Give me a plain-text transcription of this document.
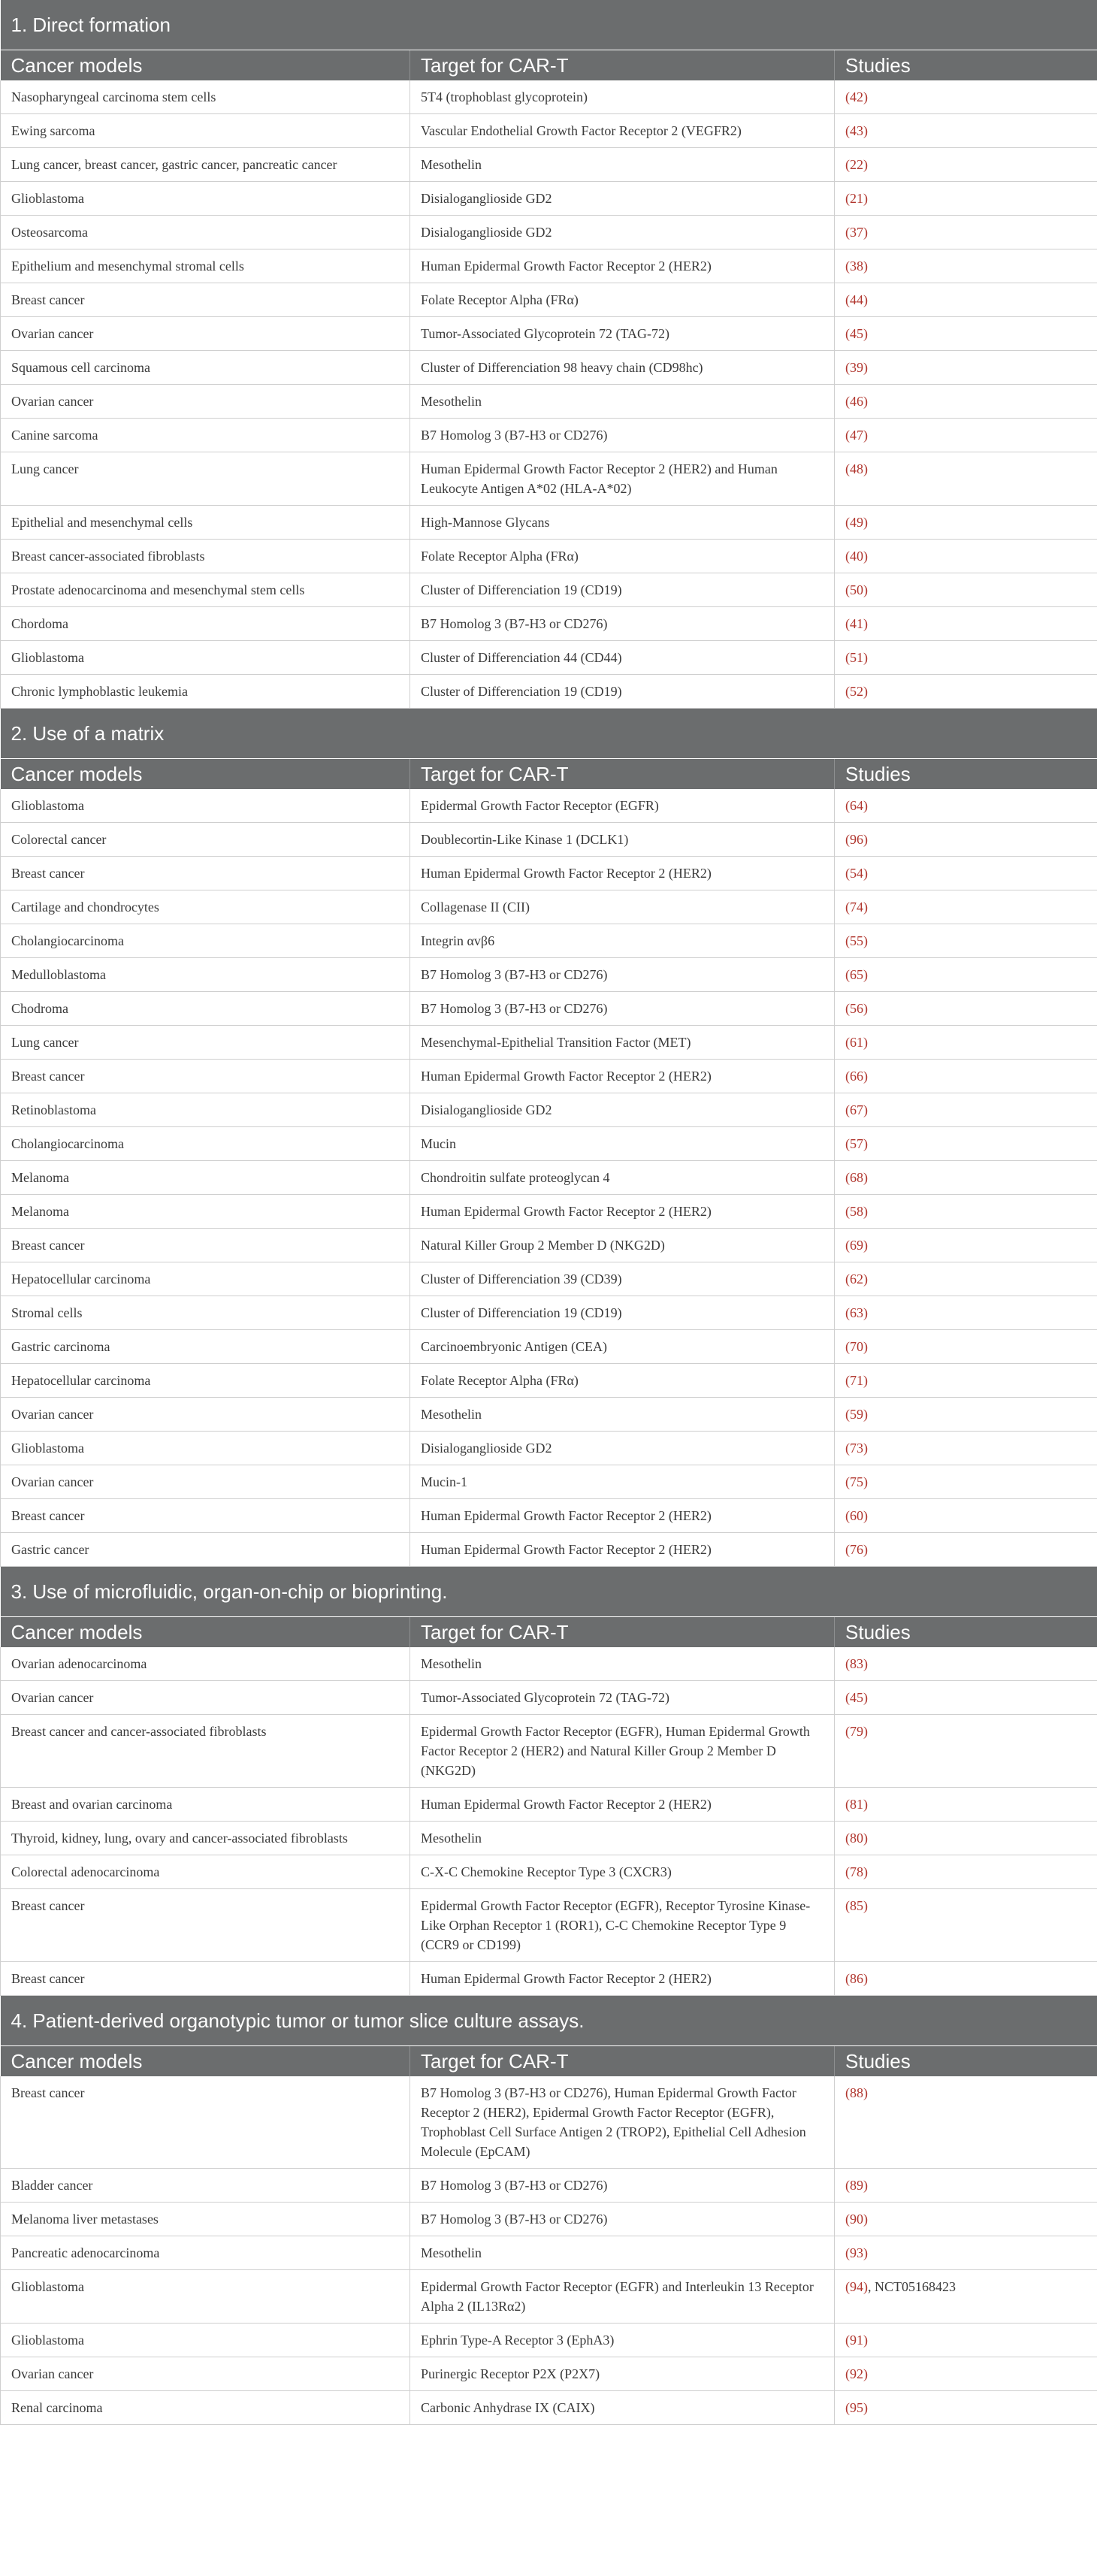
1. Direct formation		
Cancer models	Target for CAR-T	Studies
Nasopharyngeal carcinoma stem cells	5T4 (trophoblast glycoprotein)	(42)
Ewing sarcoma	Vascular Endothelial Growth Factor Receptor 2 (VEGFR2)	(43)
Lung cancer, breast cancer, gastric cancer, pancreatic cancer	Mesothelin	(22)
Glioblastoma	Disialoganglioside GD2	(21)
Osteosarcoma	Disialoganglioside GD2	(37)
Epithelium and mesenchymal stromal cells	Human Epidermal Growth Factor Receptor 2 (HER2)	(38)
Breast cancer	Folate Receptor Alpha (FRα)	(44)
Ovarian cancer	Tumor-Associated Glycoprotein 72 (TAG-72)	(45)
Squamous cell carcinoma	Cluster of Differenciation 98 heavy chain (CD98hc)	(39)
Ovarian cancer	Mesothelin	(46)
Canine sarcoma	B7 Homolog 3 (B7-H3 or CD276)	(47)
Lung cancer	Human Epidermal Growth Factor Receptor 2 (HER2) and Human Leukocyte Antigen A*02 (HLA-A*02)	(48)
Epithelial and mesenchymal cells	High-Mannose Glycans	(49)
Breast cancer-associated fibroblasts	Folate Receptor Alpha (FRα)	(40)
Prostate adenocarcinoma and mesenchymal stem cells	Cluster of Differenciation 19 (CD19)	(50)
Chordoma	B7 Homolog 3 (B7-H3 or CD276)	(41)
Glioblastoma	Cluster of Differenciation 44 (CD44)	(51)
Chronic lymphoblastic leukemia	Cluster of Differenciation 19 (CD19)	(52)
2. Use of a matrix		
Cancer models	Target for CAR-T	Studies
Glioblastoma	Epidermal Growth Factor Receptor (EGFR)	(64)
Colorectal cancer	Doublecortin-Like Kinase 1 (DCLK1)	(96)
Breast cancer	Human Epidermal Growth Factor Receptor 2 (HER2)	(54)
Cartilage and chondrocytes	Collagenase II (CII)	(74)
Cholangiocarcinoma	Integrin αvβ6	(55)
Medulloblastoma	B7 Homolog 3 (B7-H3 or CD276)	(65)
Chodroma	B7 Homolog 3 (B7-H3 or CD276)	(56)
Lung cancer	Mesenchymal-Epithelial Transition Factor (MET)	(61)
Breast cancer	Human Epidermal Growth Factor Receptor 2 (HER2)	(66)
Retinoblastoma	Disialoganglioside GD2	(67)
Cholangiocarcinoma	Mucin	(57)
Melanoma	Chondroitin sulfate proteoglycan 4	(68)
Melanoma	Human Epidermal Growth Factor Receptor 2 (HER2)	(58)
Breast cancer	Natural Killer Group 2 Member D (NKG2D)	(69)
Hepatocellular carcinoma	Cluster of Differenciation 39 (CD39)	(62)
Stromal cells	Cluster of Differenciation 19 (CD19)	(63)
Gastric carcinoma	Carcinoembryonic Antigen (CEA)	(70)
Hepatocellular carcinoma	Folate Receptor Alpha (FRα)	(71)
Ovarian cancer	Mesothelin	(59)
Glioblastoma	Disialoganglioside GD2	(73)
Ovarian cancer	Mucin-1	(75)
Breast cancer	Human Epidermal Growth Factor Receptor 2 (HER2)	(60)
Gastric cancer	Human Epidermal Growth Factor Receptor 2 (HER2)	(76)
3. Use of microfluidic, organ-on-chip or bioprinting.		
Cancer models	Target for CAR-T	Studies
Ovarian adenocarcinoma	Mesothelin	(83)
Ovarian cancer	Tumor-Associated Glycoprotein 72 (TAG-72)	(45)
Breast cancer and cancer-associated fibroblasts	Epidermal Growth Factor Receptor (EGFR), Human Epidermal Growth Factor Receptor 2 (HER2) and Natural Killer Group 2 Member D (NKG2D)	(79)
Breast and ovarian carcinoma	Human Epidermal Growth Factor Receptor 2 (HER2)	(81)
Thyroid, kidney, lung, ovary and cancer-associated fibroblasts	Mesothelin	(80)
Colorectal adenocarcinoma	C-X-C Chemokine Receptor Type 3 (CXCR3)	(78)
Breast cancer	Epidermal Growth Factor Receptor (EGFR), Receptor Tyrosine Kinase-Like Orphan Receptor 1 (ROR1), C-C Chemokine Receptor Type 9 (CCR9 or CD199)	(85)
Breast cancer	Human Epidermal Growth Factor Receptor 2 (HER2)	(86)
4. Patient-derived organotypic tumor or tumor slice culture assays.		
Cancer models	Target for CAR-T	Studies
Breast cancer	B7 Homolog 3 (B7-H3 or CD276), Human Epidermal Growth Factor Receptor 2 (HER2), Epidermal Growth Factor Receptor (EGFR), Trophoblast Cell Surface Antigen 2 (TROP2), Epithelial Cell Adhesion Molecule (EpCAM)	(88)
Bladder cancer	B7 Homolog 3 (B7-H3 or CD276)	(89)
Melanoma liver metastases	B7 Homolog 3 (B7-H3 or CD276)	(90)
Pancreatic adenocarcinoma	Mesothelin	(93)
Glioblastoma	Epidermal Growth Factor Receptor (EGFR) and Interleukin 13 Receptor Alpha 2 (IL13Rα2)	(94), NCT05168423
Glioblastoma	Ephrin Type-A Receptor 3 (EphA3)	(91)
Ovarian cancer	Purinergic Receptor P2X (P2X7)	(92)
Renal carcinoma	Carbonic Anhydrase IX (CAIX)	(95)
